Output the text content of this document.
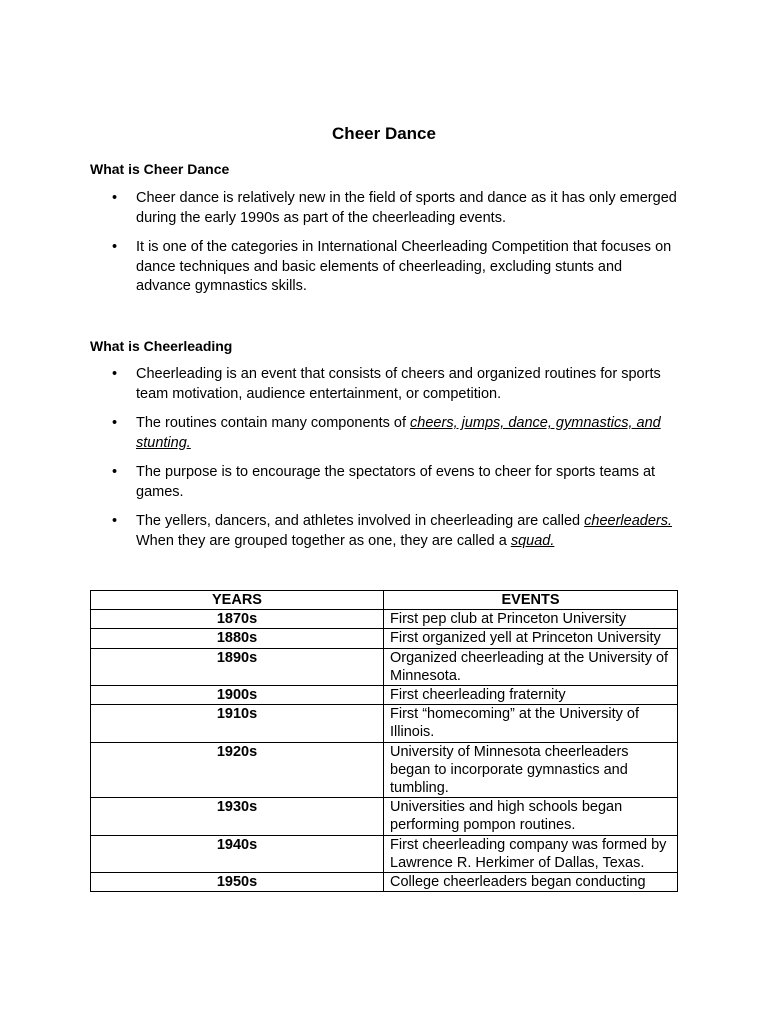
Cheer Dance
What is Cheer Dance
• Cheer dance is relatively new in the field of sports and dance as it has only emerged during the early 1990s as part of the cheerleading events.
• It is one of the categories in International Cheerleading Competition that focuses on dance techniques and basic elements of cheerleading, excluding stunts and advance gymnastics skills.
What is Cheerleading
• Cheerleading is an event that consists of cheers and organized routines for sports team motivation, audience entertainment, or competition.
• The routines contain many components of cheers, jumps, dance, gymnastics, and stunting.
• The purpose is to encourage the spectators of evens to cheer for sports teams at games.
• The yellers, dancers, and athletes involved in cheerleading are called cheerleaders. When they are grouped together as one, they are called a squad.
YEARS	EVENTS
1870s	First pep club at Princeton University
1880s	First organized yell at Princeton University
1890s	Organized cheerleading at the University of Minnesota.
1900s	First cheerleading fraternity
1910s	First “homecoming” at the University of Illinois.
1920s	University of Minnesota cheerleaders began to incorporate gymnastics and tumbling.
1930s	Universities and high schools began performing pompon routines.
1940s	First cheerleading company was formed by Lawrence R. Herkimer of Dallas, Texas.
1950s	College cheerleaders began conducting
